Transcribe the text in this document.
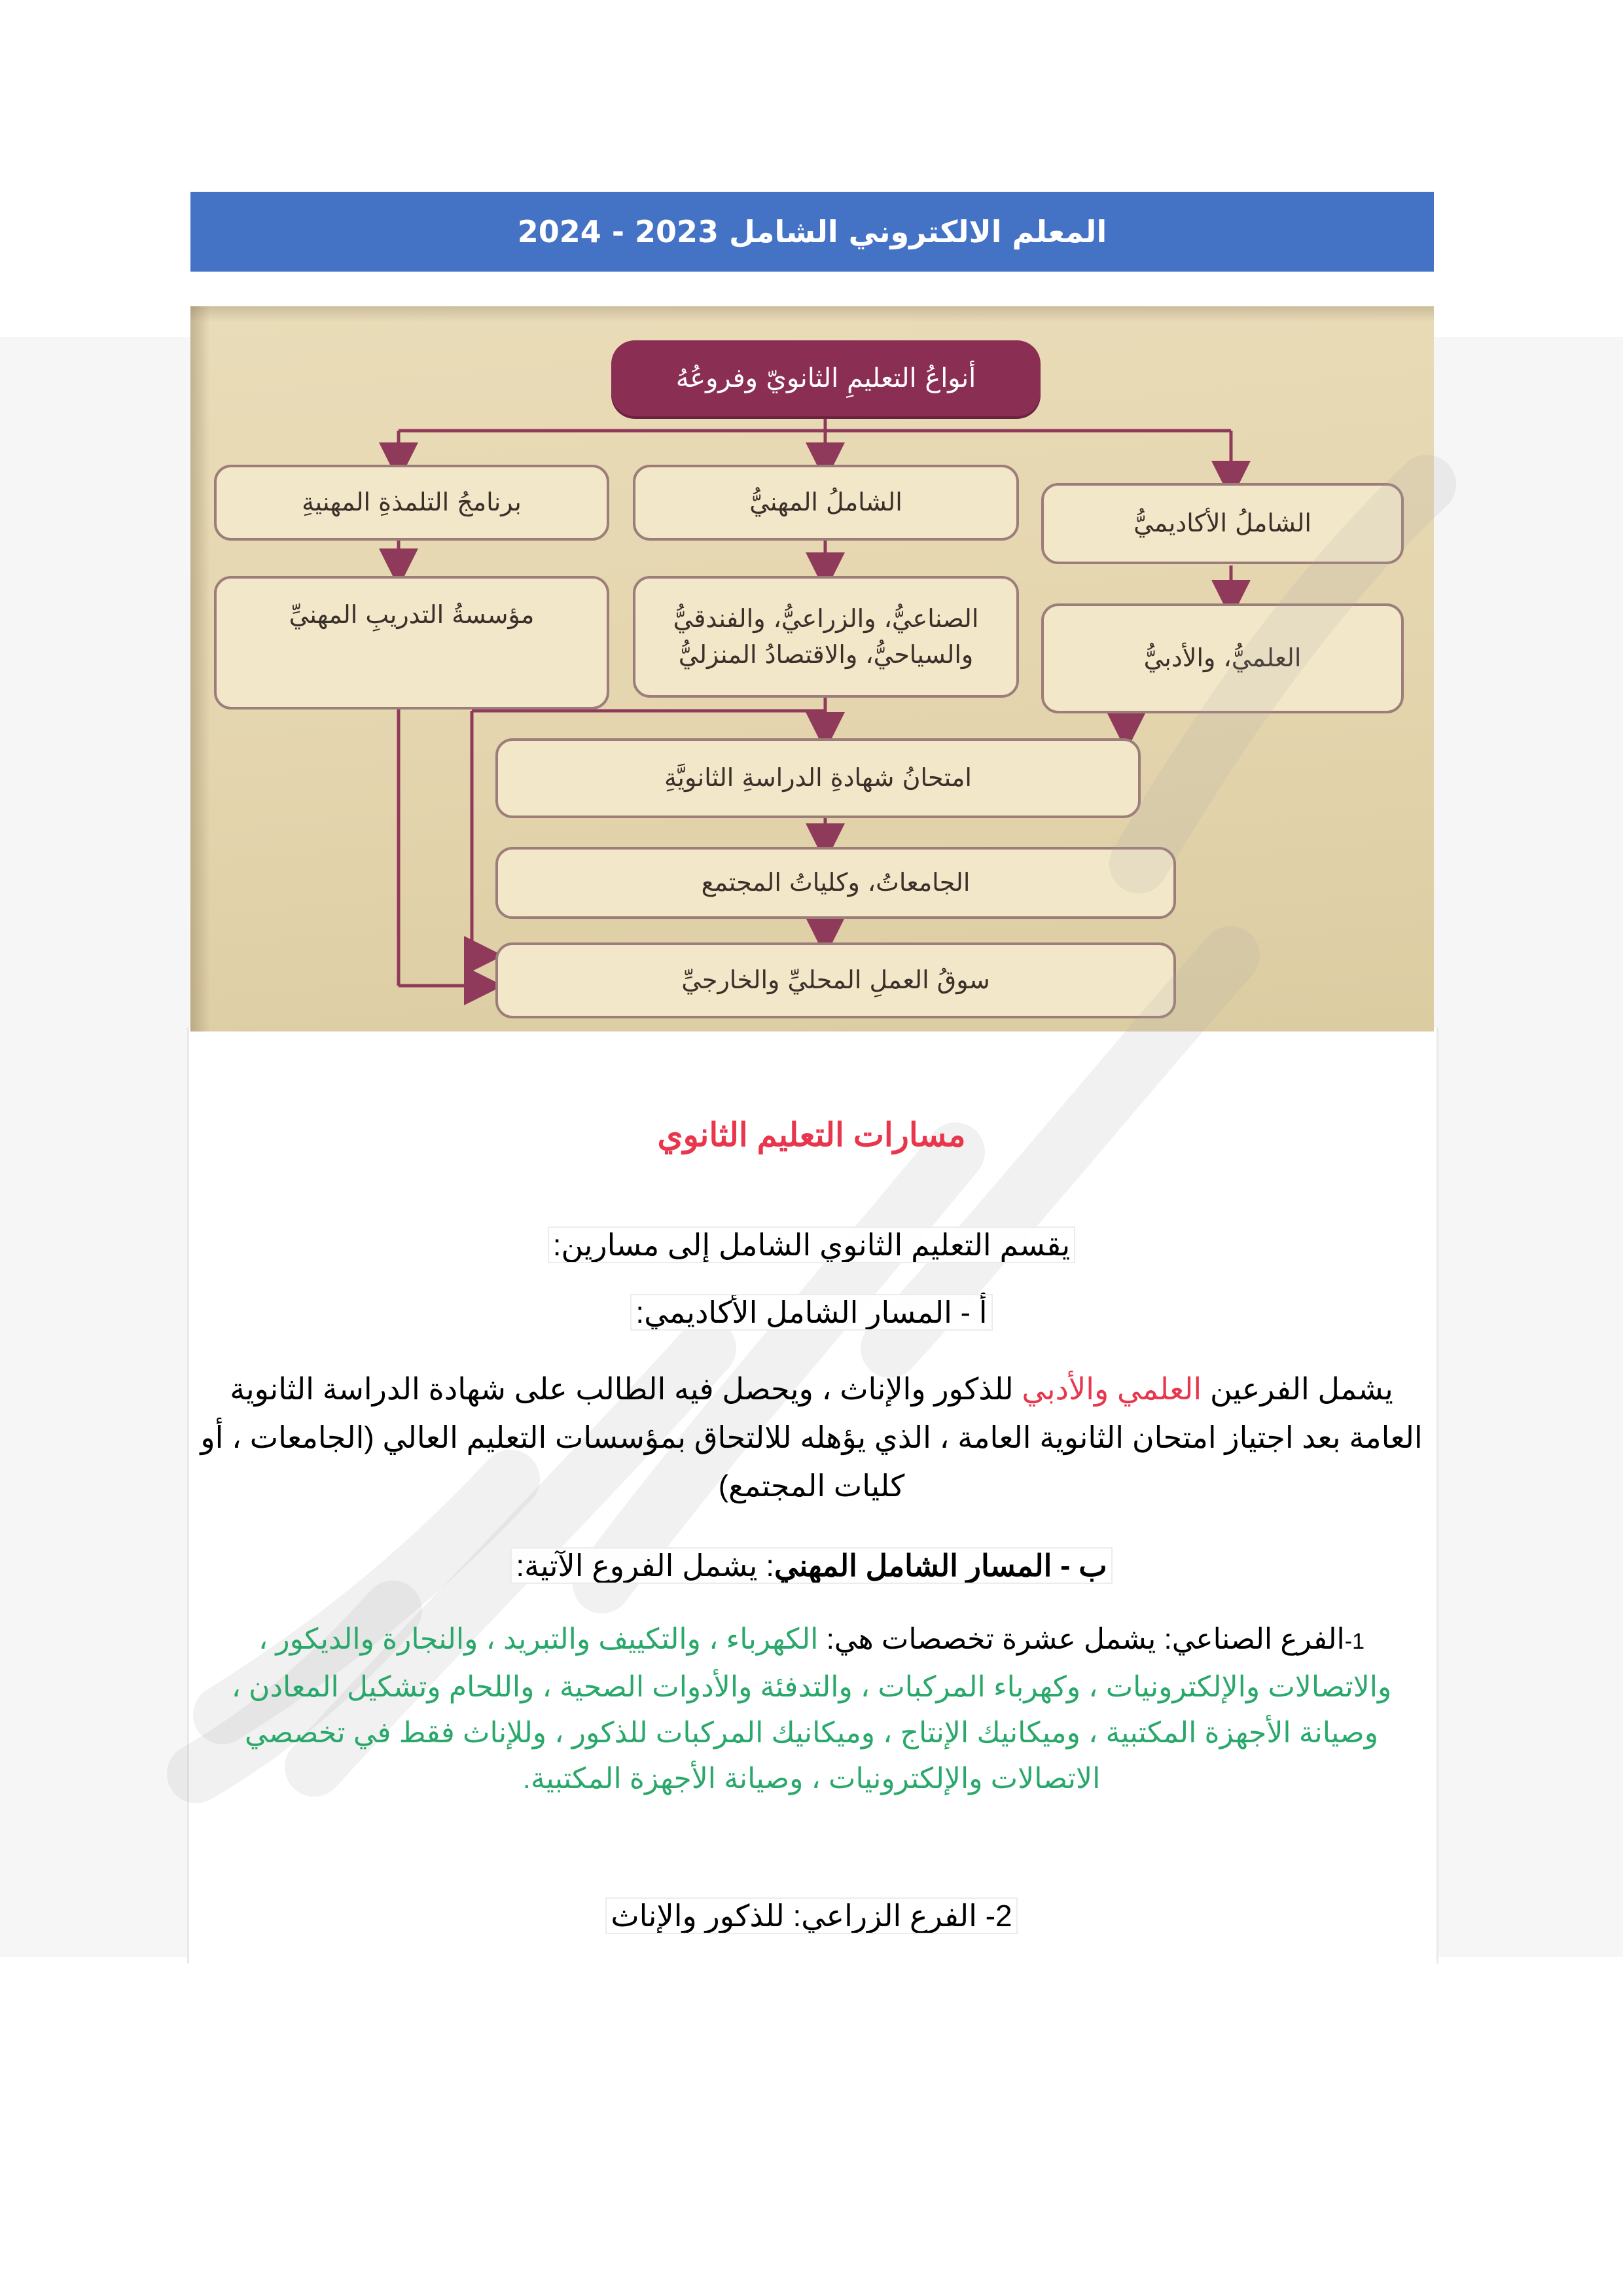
المعلم الالكتروني الشامل 2023 - 2024
أنواعُ التعليمِ الثانويّ وفروعُهُ
الشاملُ الأكاديميُّ
الشاملُ المهنيُّ
برنامجُ التلمذةِ المهنيةِ
العلميُّ، والأدبيُّ
الصناعيُّ، والزراعيُّ، والفندقيُّ
والسياحيُّ، والاقتصادُ المنزليُّ
مؤسسةُ التدريبِ المهنيِّ
امتحانُ شهادةِ الدراسةِ الثانويَّةِ
الجامعاتُ، وكلياتُ المجتمع
سوقُ العملِ المحليِّ والخارجيِّ
مسارات التعليم الثانوي
يقسم التعليم الثانوي الشامل إلى مسارين:
أ - المسار الشامل الأكاديمي:
يشمل الفرعين العلمي والأدبي للذكور والإناث ، ويحصل فيه الطالب على شهادة الدراسة الثانوية العامة بعد اجتياز امتحان الثانوية العامة ، الذي يؤهله للالتحاق بمؤسسات التعليم العالي (الجامعات ، أو كليات المجتمع)
ب - المسار الشامل المهني: يشمل الفروع الآتية:
1-الفرع الصناعي: يشمل عشرة تخصصات هي: الكهرباء ، والتكييف والتبريد ، والنجارة والديكور ، والاتصالات والإلكترونيات ، وكهرباء المركبات ، والتدفئة والأدوات الصحية ، واللحام وتشكيل المعادن ، وصيانة الأجهزة المكتبية ، وميكانيك الإنتاج ، وميكانيك المركبات للذكور ، وللإناث فقط في تخصصي الاتصالات والإلكترونيات ، وصيانة الأجهزة المكتبية.
2- الفرع الزراعي: للذكور والإناث
